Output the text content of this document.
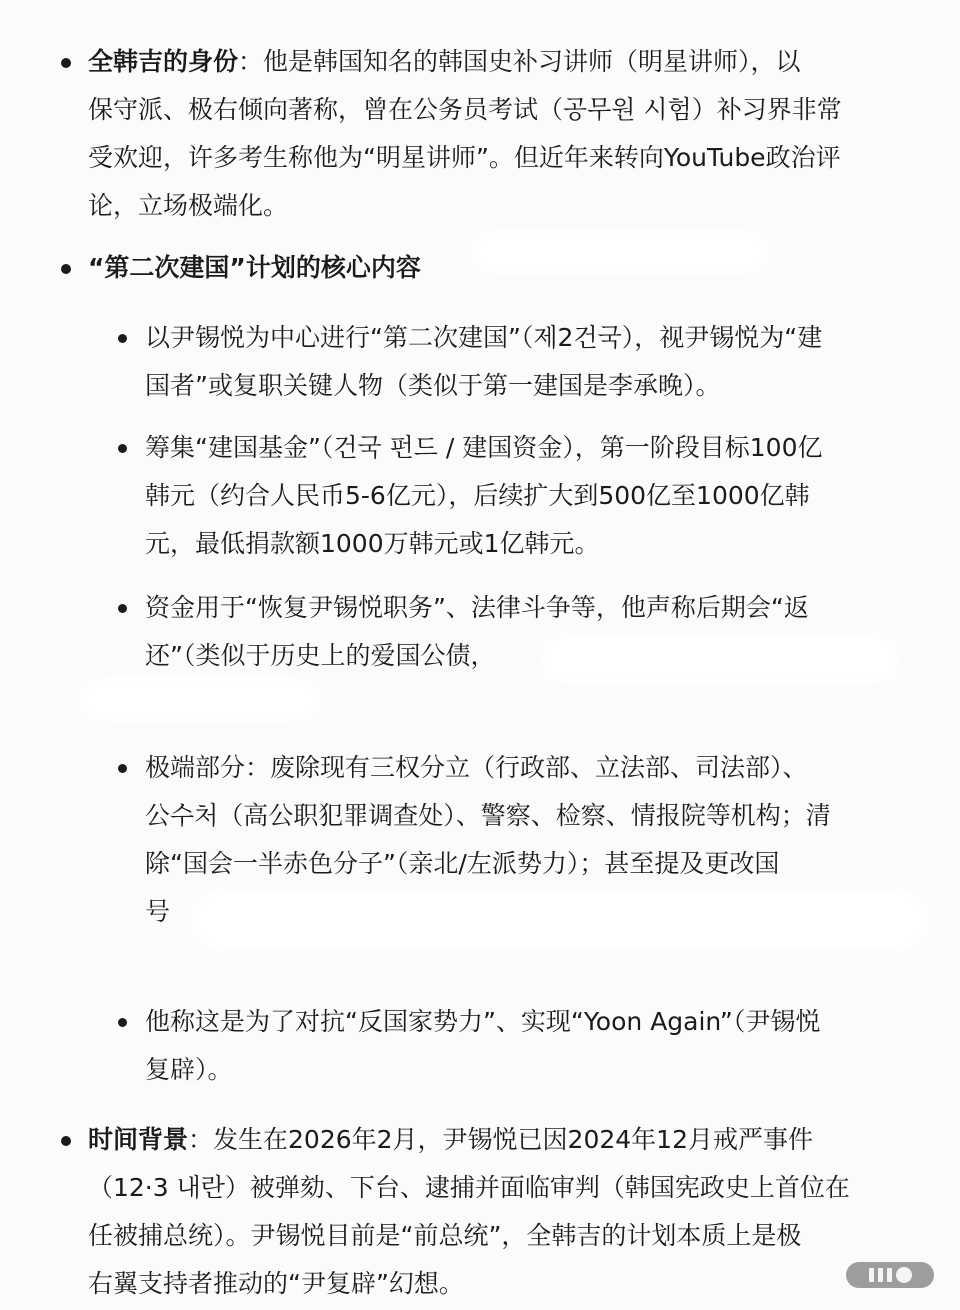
全韩吉的身份：他是韩国知名的韩国史补习讲师（明星讲师），以
保守派、极右倾向著称，曾在公务员考试（공무원 시험）补习界非常
受欢迎，许多考生称他为“明星讲师”。但近年来转向YouTube政治评
论，立场极端化。
“第二次建国”计划的核心内容
以尹锡悦为中心进行“第二次建国”（제2건국），视尹锡悦为“建
国者”或复职关键人物（类似于第一建国是李承晚）。
筹集“建国基金”（건국 펀드 / 建国资金），第一阶段目标100亿
韩元（约合人民币5-6亿元），后续扩大到500亿至1000亿韩
元，最低捐款额1000万韩元或1亿韩元。
资金用于“恢复尹锡悦职务”、法律斗争等，他声称后期会“返
还”（类似于历史上的爱国公债，
极端部分：废除现有三权分立（行政部、立法部、司法部）、
公수처（高公职犯罪调查处）、警察、检察、情报院等机构；清
除“国会一半赤色分子”（亲北/左派势力）；甚至提及更改国
号
他称这是为了对抗“反国家势力”、实现“Yoon Again”（尹锡悦
复辟）。
时间背景：发生在2026年2月，尹锡悦已因2024年12月戒严事件
（12·3 내란）被弹劾、下台、逮捕并面临审判（韩国宪政史上首位在
任被捕总统）。尹锡悦目前是“前总统”，全韩吉的计划本质上是极
右翼支持者推动的“尹复辟”幻想。
